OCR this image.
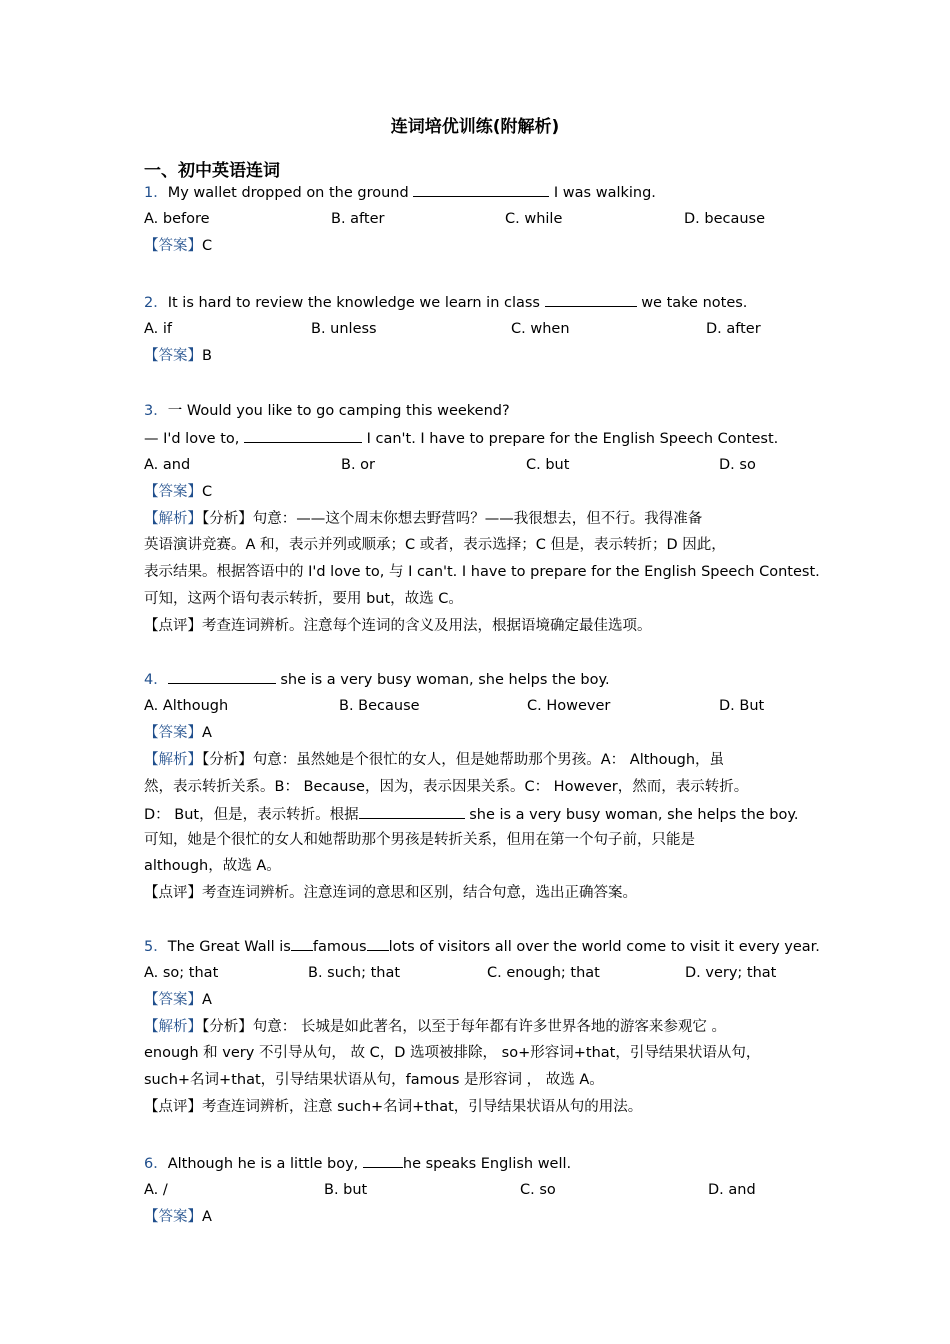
连词培优训练(附解析)
一、初中英语连词
1．My wallet dropped on the ground	I was walking.
A. before	B. after	C. while	D. because
【答案】C
2．It is hard to review the knowledge we learn in class	we take notes.
A. if	B. unless	C. when	D. after
【答案】B
3．一 Would you like to go camping this weekend?
— I'd love to,	I can't. I have to prepare for the English Speech Contest.
A. and	B. or	C. but	D. so
【答案】C
【解析】【分析】句意：——这个周末你想去野营吗？——我很想去，但不行。我得准备
英语演讲竞赛。A 和，表示并列或顺承；C 或者，表示选择；C 但是，表示转折；D 因此，
表示结果。根据答语中的 I'd love to, 与 I can't. I have to prepare for the English Speech Contest.
可知，这两个语句表示转折，要用 but，故选 C。
【点评】考查连词辨析。注意每个连词的含义及用法，根据语境确定最佳选项。
4．	she is a very busy woman, she helps the boy.
A. Although	B. Because	C. However	D. But
【答案】A
【解析】【分析】句意：虽然她是个很忙的女人，但是她帮助那个男孩。A： Although，虽
然，表示转折关系。B： Because，因为，表示因果关系。C： However，然而，表示转折。
D： But，但是，表示转折。根据	she is a very busy woman, she helps the boy.
可知，她是个很忙的女人和她帮助那个男孩是转折关系，但用在第一个句子前，只能是
although，故选 A。
【点评】考查连词辨析。注意连词的意思和区别，结合句意，选出正确答案。
5．The Great Wall is famous lots of visitors all over the world come to visit it every year.
A. so; that	B. such; that	C. enough; that	D. very; that
【答案】A
【解析】【分析】句意： 长城是如此著名，以至于每年都有许多世界各地的游客来参观它 。
enough 和 very 不引导从句， 故 C，D 选项被排除， so+形容词+that，引导结果状语从句，
such+名词+that，引导结果状语从句，famous 是形容词 ， 故选 A。
【点评】考查连词辨析，注意 such+名词+that，引导结果状语从句的用法。
6．Although he is a little boy,	he speaks English well.
A. /	B. but	C. so	D. and
【答案】A
